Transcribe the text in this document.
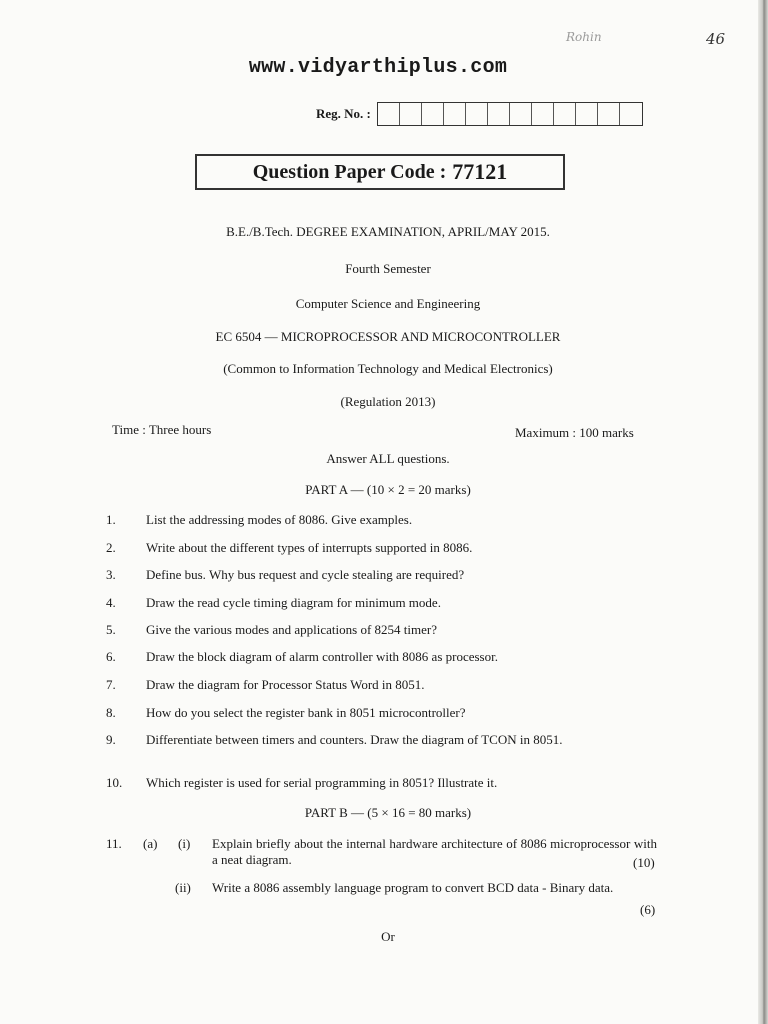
Rohin	46
www.vidyarthiplus.com
Reg. No. :
Question Paper Code : 77121
B.E./B.Tech. DEGREE EXAMINATION, APRIL/MAY 2015.
Fourth Semester
Computer Science and Engineering
EC 6504 — MICROPROCESSOR AND MICROCONTROLLER
(Common to Information Technology and Medical Electronics)
(Regulation 2013)
Time : Three hours	Maximum : 100 marks
Answer ALL questions.
PART A — (10 × 2 = 20 marks)
1.	List the addressing modes of 8086. Give examples.
2.	Write about the different types of interrupts supported in 8086.
3.	Define bus. Why bus request and cycle stealing are required?
4.	Draw the read cycle timing diagram for minimum mode.
5.	Give the various modes and applications of 8254 timer?
6.	Draw the block diagram of alarm controller with 8086 as processor.
7.	Draw the diagram for Processor Status Word in 8051.
8.	How do you select the register bank in 8051 microcontroller?
9.	Differentiate between timers and counters. Draw the diagram of TCON in 8051.
10.	Which register is used for serial programming in 8051? Illustrate it.
PART B — (5 × 16 = 80 marks)
11. (a) (i) Explain briefly about the internal hardware architecture of 8086 microprocessor with a neat diagram.	(10)
(ii) Write a 8086 assembly language program to convert BCD data - Binary data.
(6)
Or
